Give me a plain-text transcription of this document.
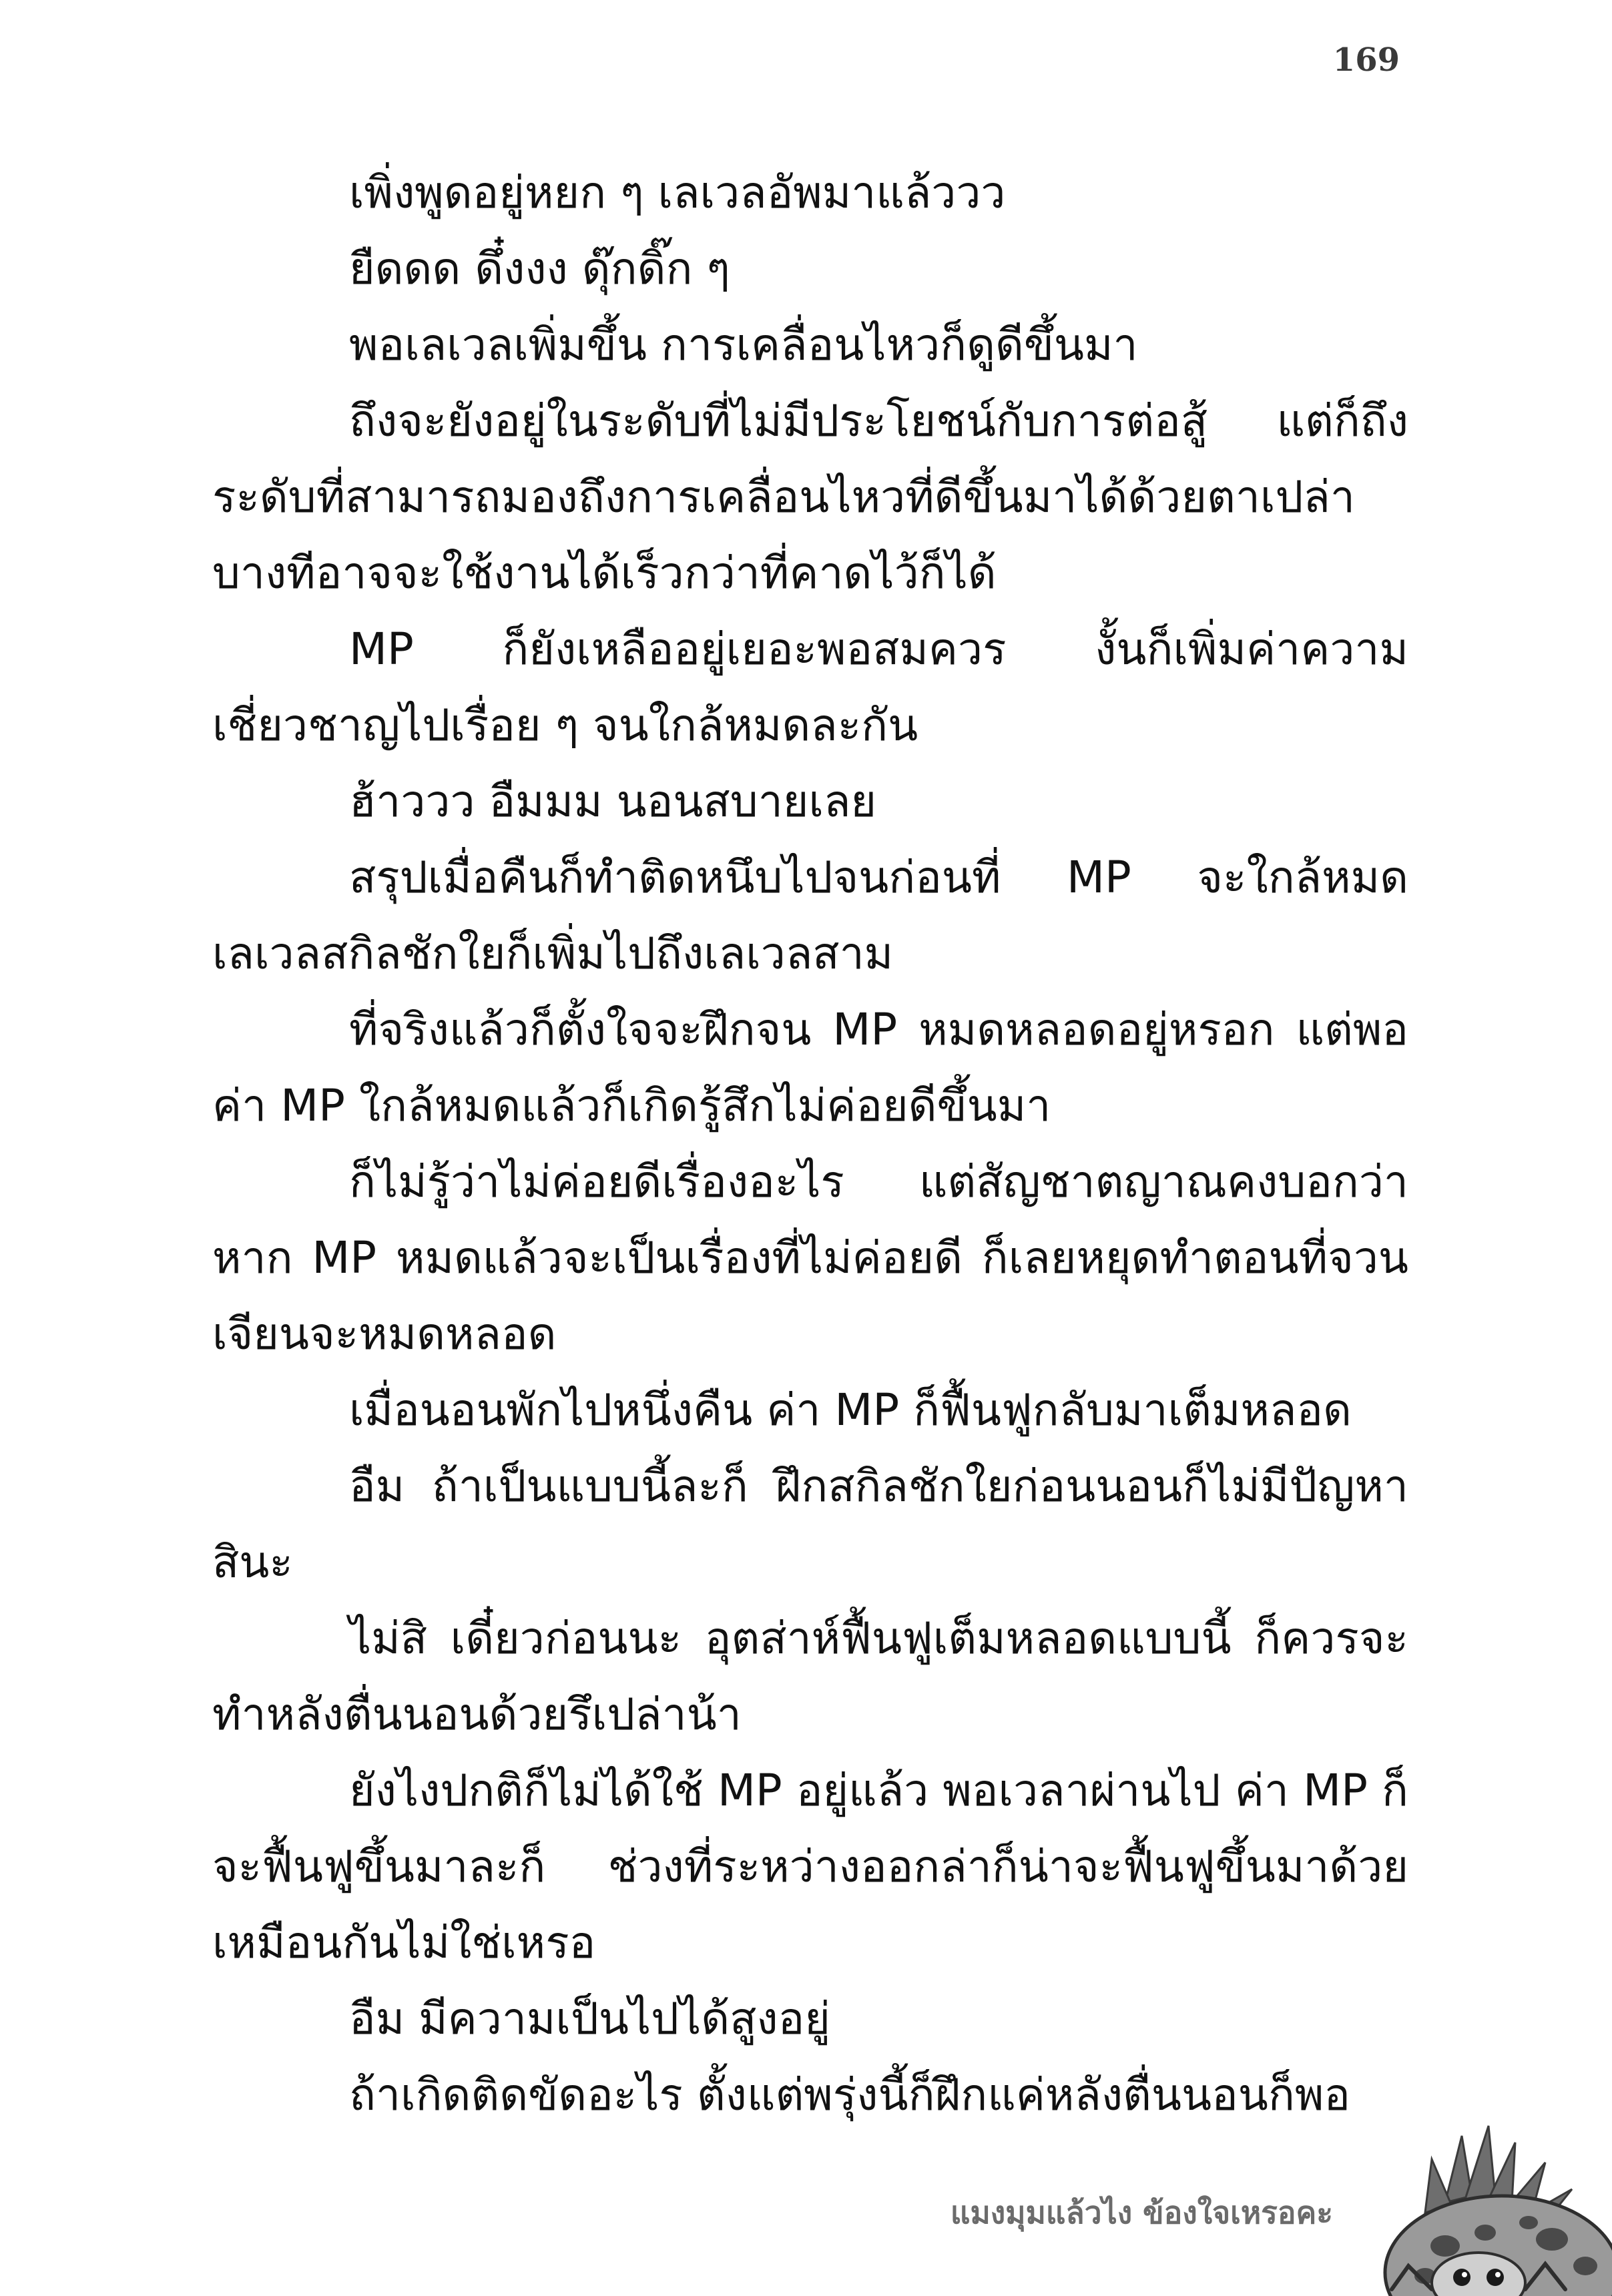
169

เพิ่งพูดอยู่หยก ๆ เลเวลอัพมาแล้ววว

ยืดดด ดึ๋งงง ดุ๊กดิ๊ก ๆ

พอเลเวลเพิ่มขึ้น การเคลื่อนไหวก็ดูดีขึ้นมา

ถึงจะยังอยู่ในระดับที่ไม่มีประโยชน์กับการต่อสู้ แต่ก็ถึงระดับที่สามารถมองถึงการเคลื่อนไหวที่ดีขึ้นมาได้ด้วยตาเปล่า บางทีอาจจะใช้งานได้เร็วกว่าที่คาดไว้ก็ได้

MP ก็ยังเหลืออยู่เยอะพอสมควร งั้นก็เพิ่มค่าความเชี่ยวชาญไปเรื่อย ๆ จนใกล้หมดละกัน

ฮ้าววว อืมมม นอนสบายเลย

สรุปเมื่อคืนก็ทำติดหนึบไปจนก่อนที่ MP จะใกล้หมด เลเวลสกิลชักใยก็เพิ่มไปถึงเลเวลสาม

ที่จริงแล้วก็ตั้งใจจะฝึกจน MP หมดหลอดอยู่หรอก แต่พอค่า MP ใกล้หมดแล้วก็เกิดรู้สึกไม่ค่อยดีขึ้นมา

ก็ไม่รู้ว่าไม่ค่อยดีเรื่องอะไร แต่สัญชาตญาณคงบอกว่าหาก MP หมดแล้วจะเป็นเรื่องที่ไม่ค่อยดี ก็เลยหยุดทำตอนที่จวนเจียนจะหมดหลอด

เมื่อนอนพักไปหนึ่งคืน ค่า MP ก็ฟื้นฟูกลับมาเต็มหลอด

อืม ถ้าเป็นแบบนี้ละก็ ฝึกสกิลชักใยก่อนนอนก็ไม่มีปัญหาสินะ

ไม่สิ เดี๋ยวก่อนนะ อุตส่าห์ฟื้นฟูเต็มหลอดแบบนี้ ก็ควรจะทำหลังตื่นนอนด้วยรึเปล่าน้า

ยังไงปกติก็ไม่ได้ใช้ MP อยู่แล้ว พอเวลาผ่านไป ค่า MP ก็จะฟื้นฟูขึ้นมาละก็ ช่วงที่ระหว่างออกล่าก็น่าจะฟื้นฟูขึ้นมาด้วยเหมือนกันไม่ใช่เหรอ

อืม มีความเป็นไปได้สูงอยู่

ถ้าเกิดติดขัดอะไร ตั้งแต่พรุ่งนี้ก็ฝึกแค่หลังตื่นนอนก็พอ

แมงมุมแล้วไง ข้องใจเหรอคะ
